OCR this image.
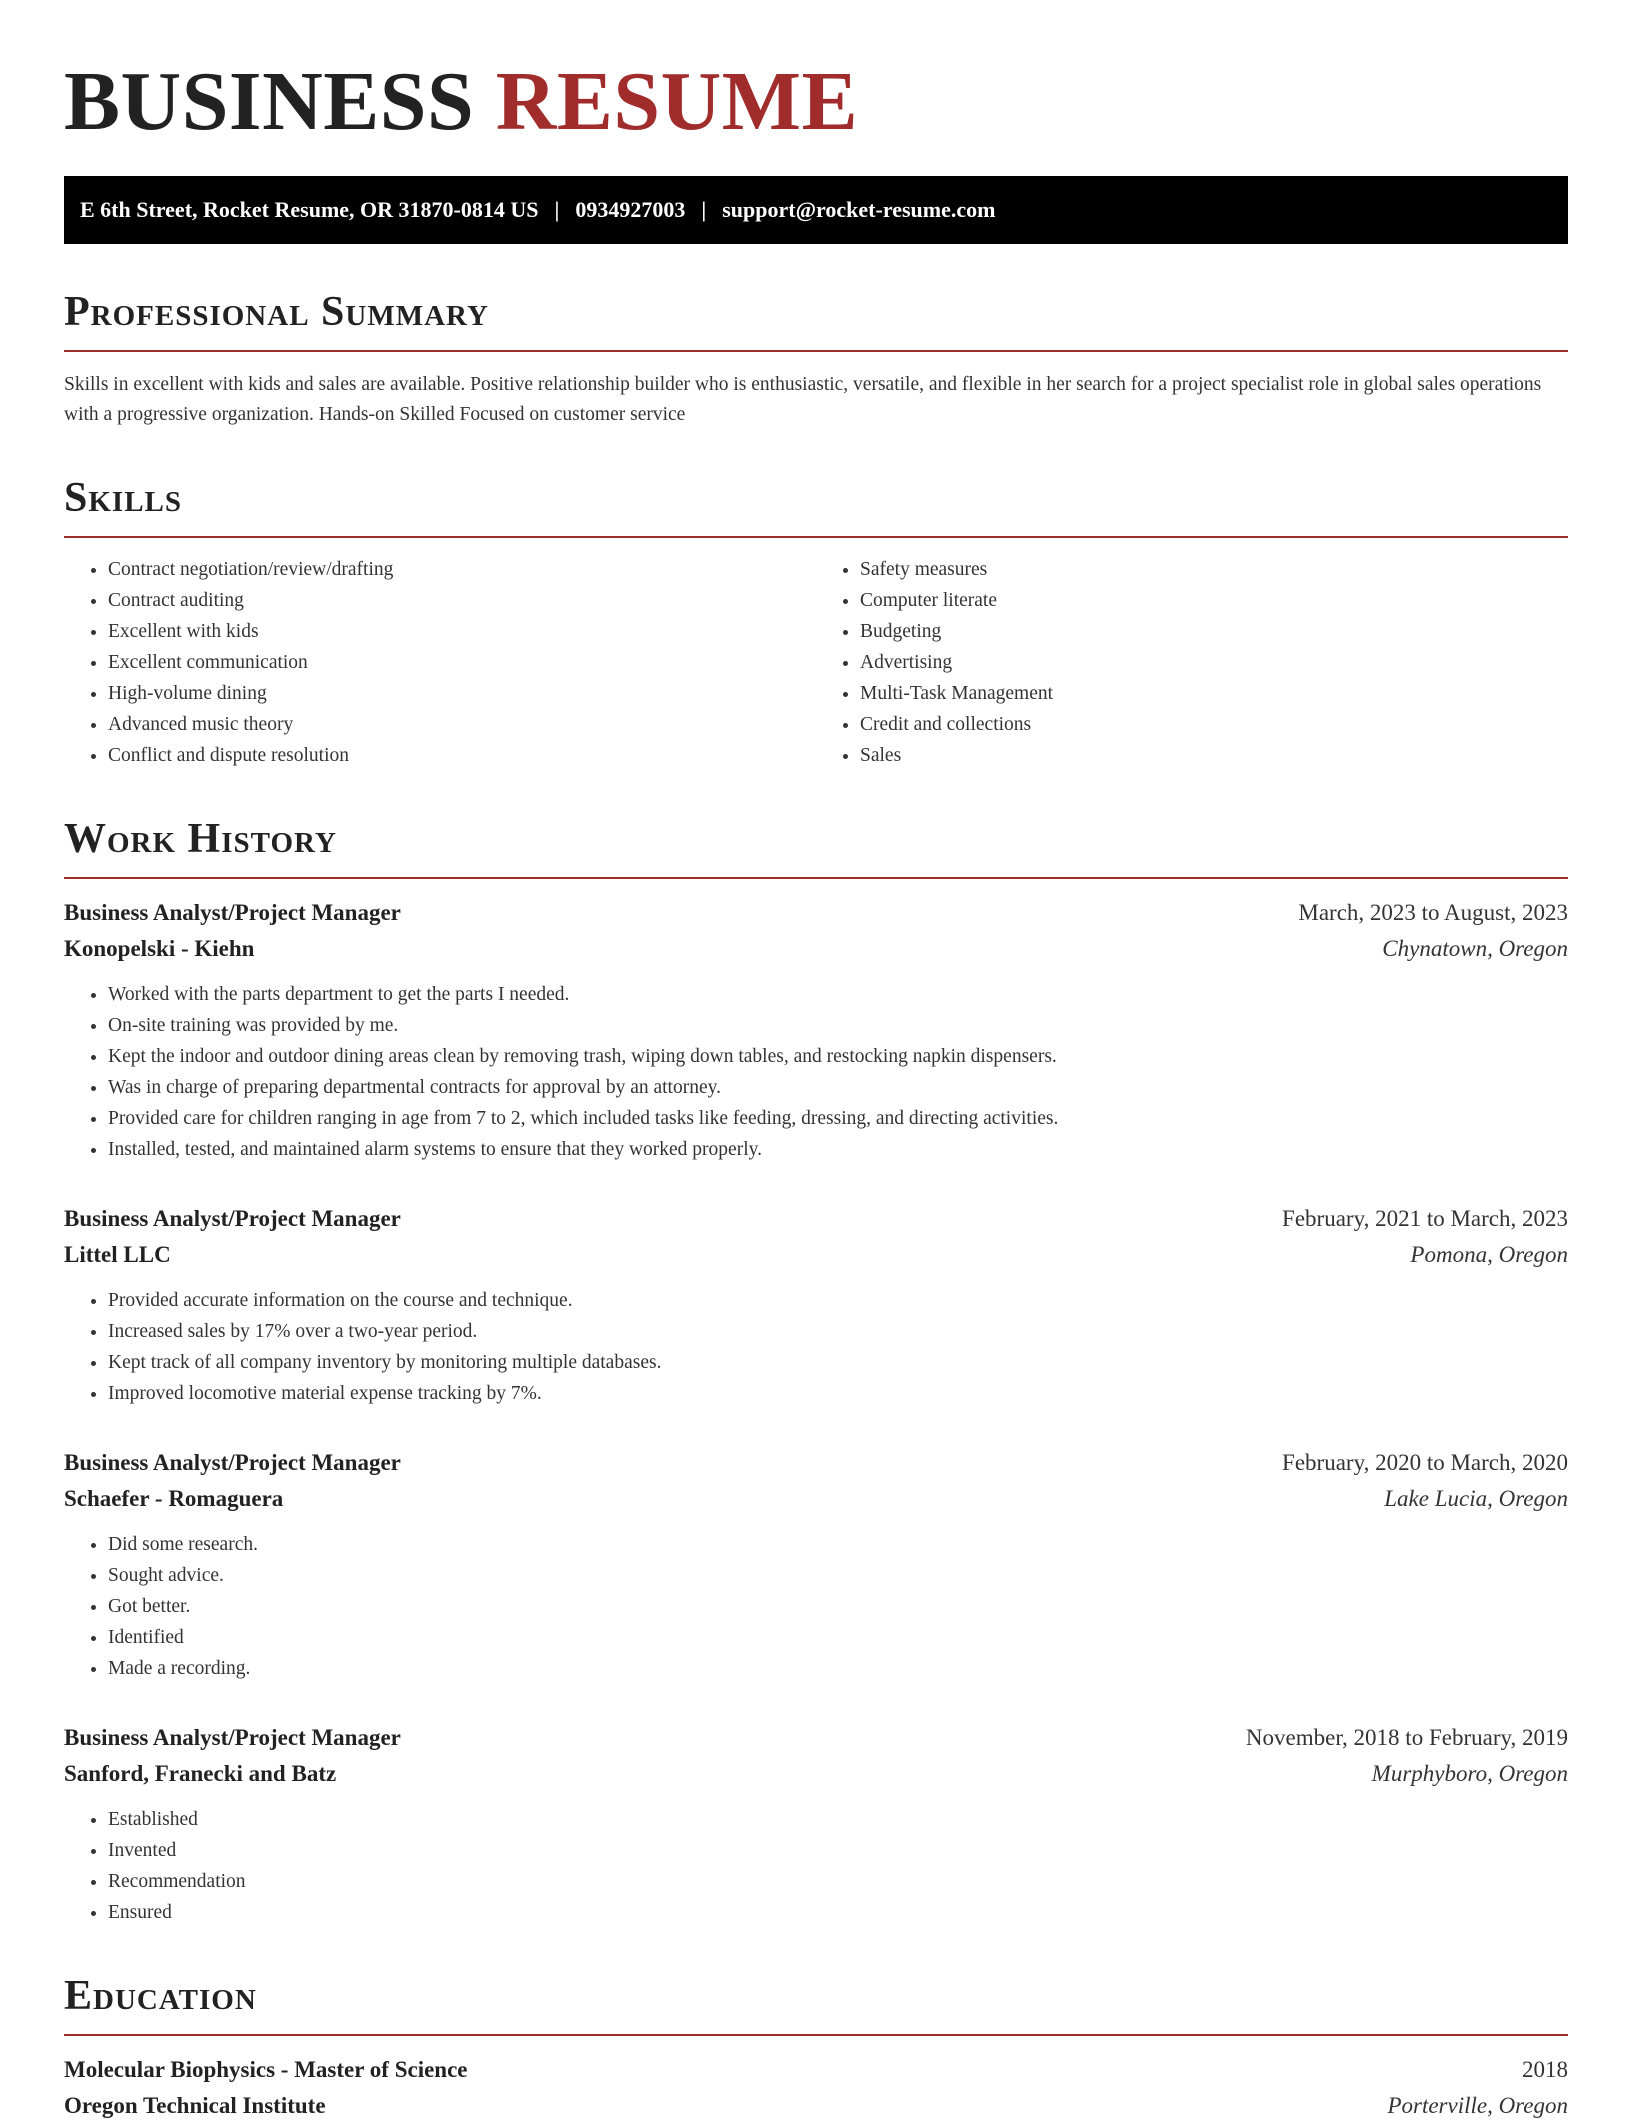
BUSINESS RESUME
E 6th Street, Rocket Resume, OR 31870-0814 US | 0934927003 | support@rocket-resume.com
Professional Summary

Skills in excellent with kids and sales are available. Positive relationship builder who is enthusiastic, versatile, and flexible in her search for a project specialist role in global sales operations with a progressive organization. Hands-on Skilled Focused on customer service

Skills
• Contract negotiation/review/drafting
• Contract auditing
• Excellent with kids
• Excellent communication
• High-volume dining
• Advanced music theory
• Conflict and dispute resolution
• Safety measures
• Computer literate
• Budgeting
• Advertising
• Multi-Task Management
• Credit and collections
• Sales
Work History
Business Analyst/Project Manager	March, 2023 to August, 2023
Konopelski - Kiehn	Chynatown, Oregon
• Worked with the parts department to get the parts I needed.
• On-site training was provided by me.
• Kept the indoor and outdoor dining areas clean by removing trash, wiping down tables, and restocking napkin dispensers.
• Was in charge of preparing departmental contracts for approval by an attorney.
• Provided care for children ranging in age from 7 to 2, which included tasks like feeding, dressing, and directing activities.
• Installed, tested, and maintained alarm systems to ensure that they worked properly.
Business Analyst/Project Manager	February, 2021 to March, 2023
Littel LLC	Pomona, Oregon
• Provided accurate information on the course and technique.
• Increased sales by 17% over a two-year period.
• Kept track of all company inventory by monitoring multiple databases.
• Improved locomotive material expense tracking by 7%.
Business Analyst/Project Manager	February, 2020 to March, 2020
Schaefer - Romaguera	Lake Lucia, Oregon
• Did some research.
• Sought advice.
• Got better.
• Identified
• Made a recording.
Business Analyst/Project Manager	November, 2018 to February, 2019
Sanford, Franecki and Batz	Murphyboro, Oregon
• Established
• Invented
• Recommendation
• Ensured
Education
Molecular Biophysics - Master of Science	2018
Oregon Technical Institute	Porterville, Oregon
